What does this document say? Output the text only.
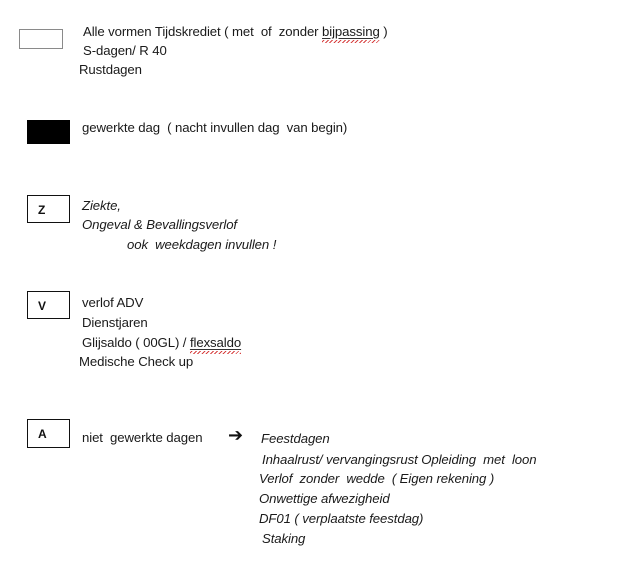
Alle vormen Tijdskrediet ( met  of  zonder bijpassing )
S-dagen/ R 40
Rustdagen
gewerkte dag  ( nacht invullen dag  van begin)
Z	Ziekte,
Ongeval & Bevallingsverlof
ook  weekdagen invullen !
V	verlof ADV
Dienstjaren
Glijsaldo ( 00GL) / flexsaldo
Medische Check up
A	niet  gewerkte dagen ➔ Feestdagen
Inhaalrust/ vervangingsrust Opleiding  met  loon
Verlof  zonder  wedde  ( Eigen rekening )
Onwettige afwezigheid
DF01 ( verplaatste feestdag)
Staking
